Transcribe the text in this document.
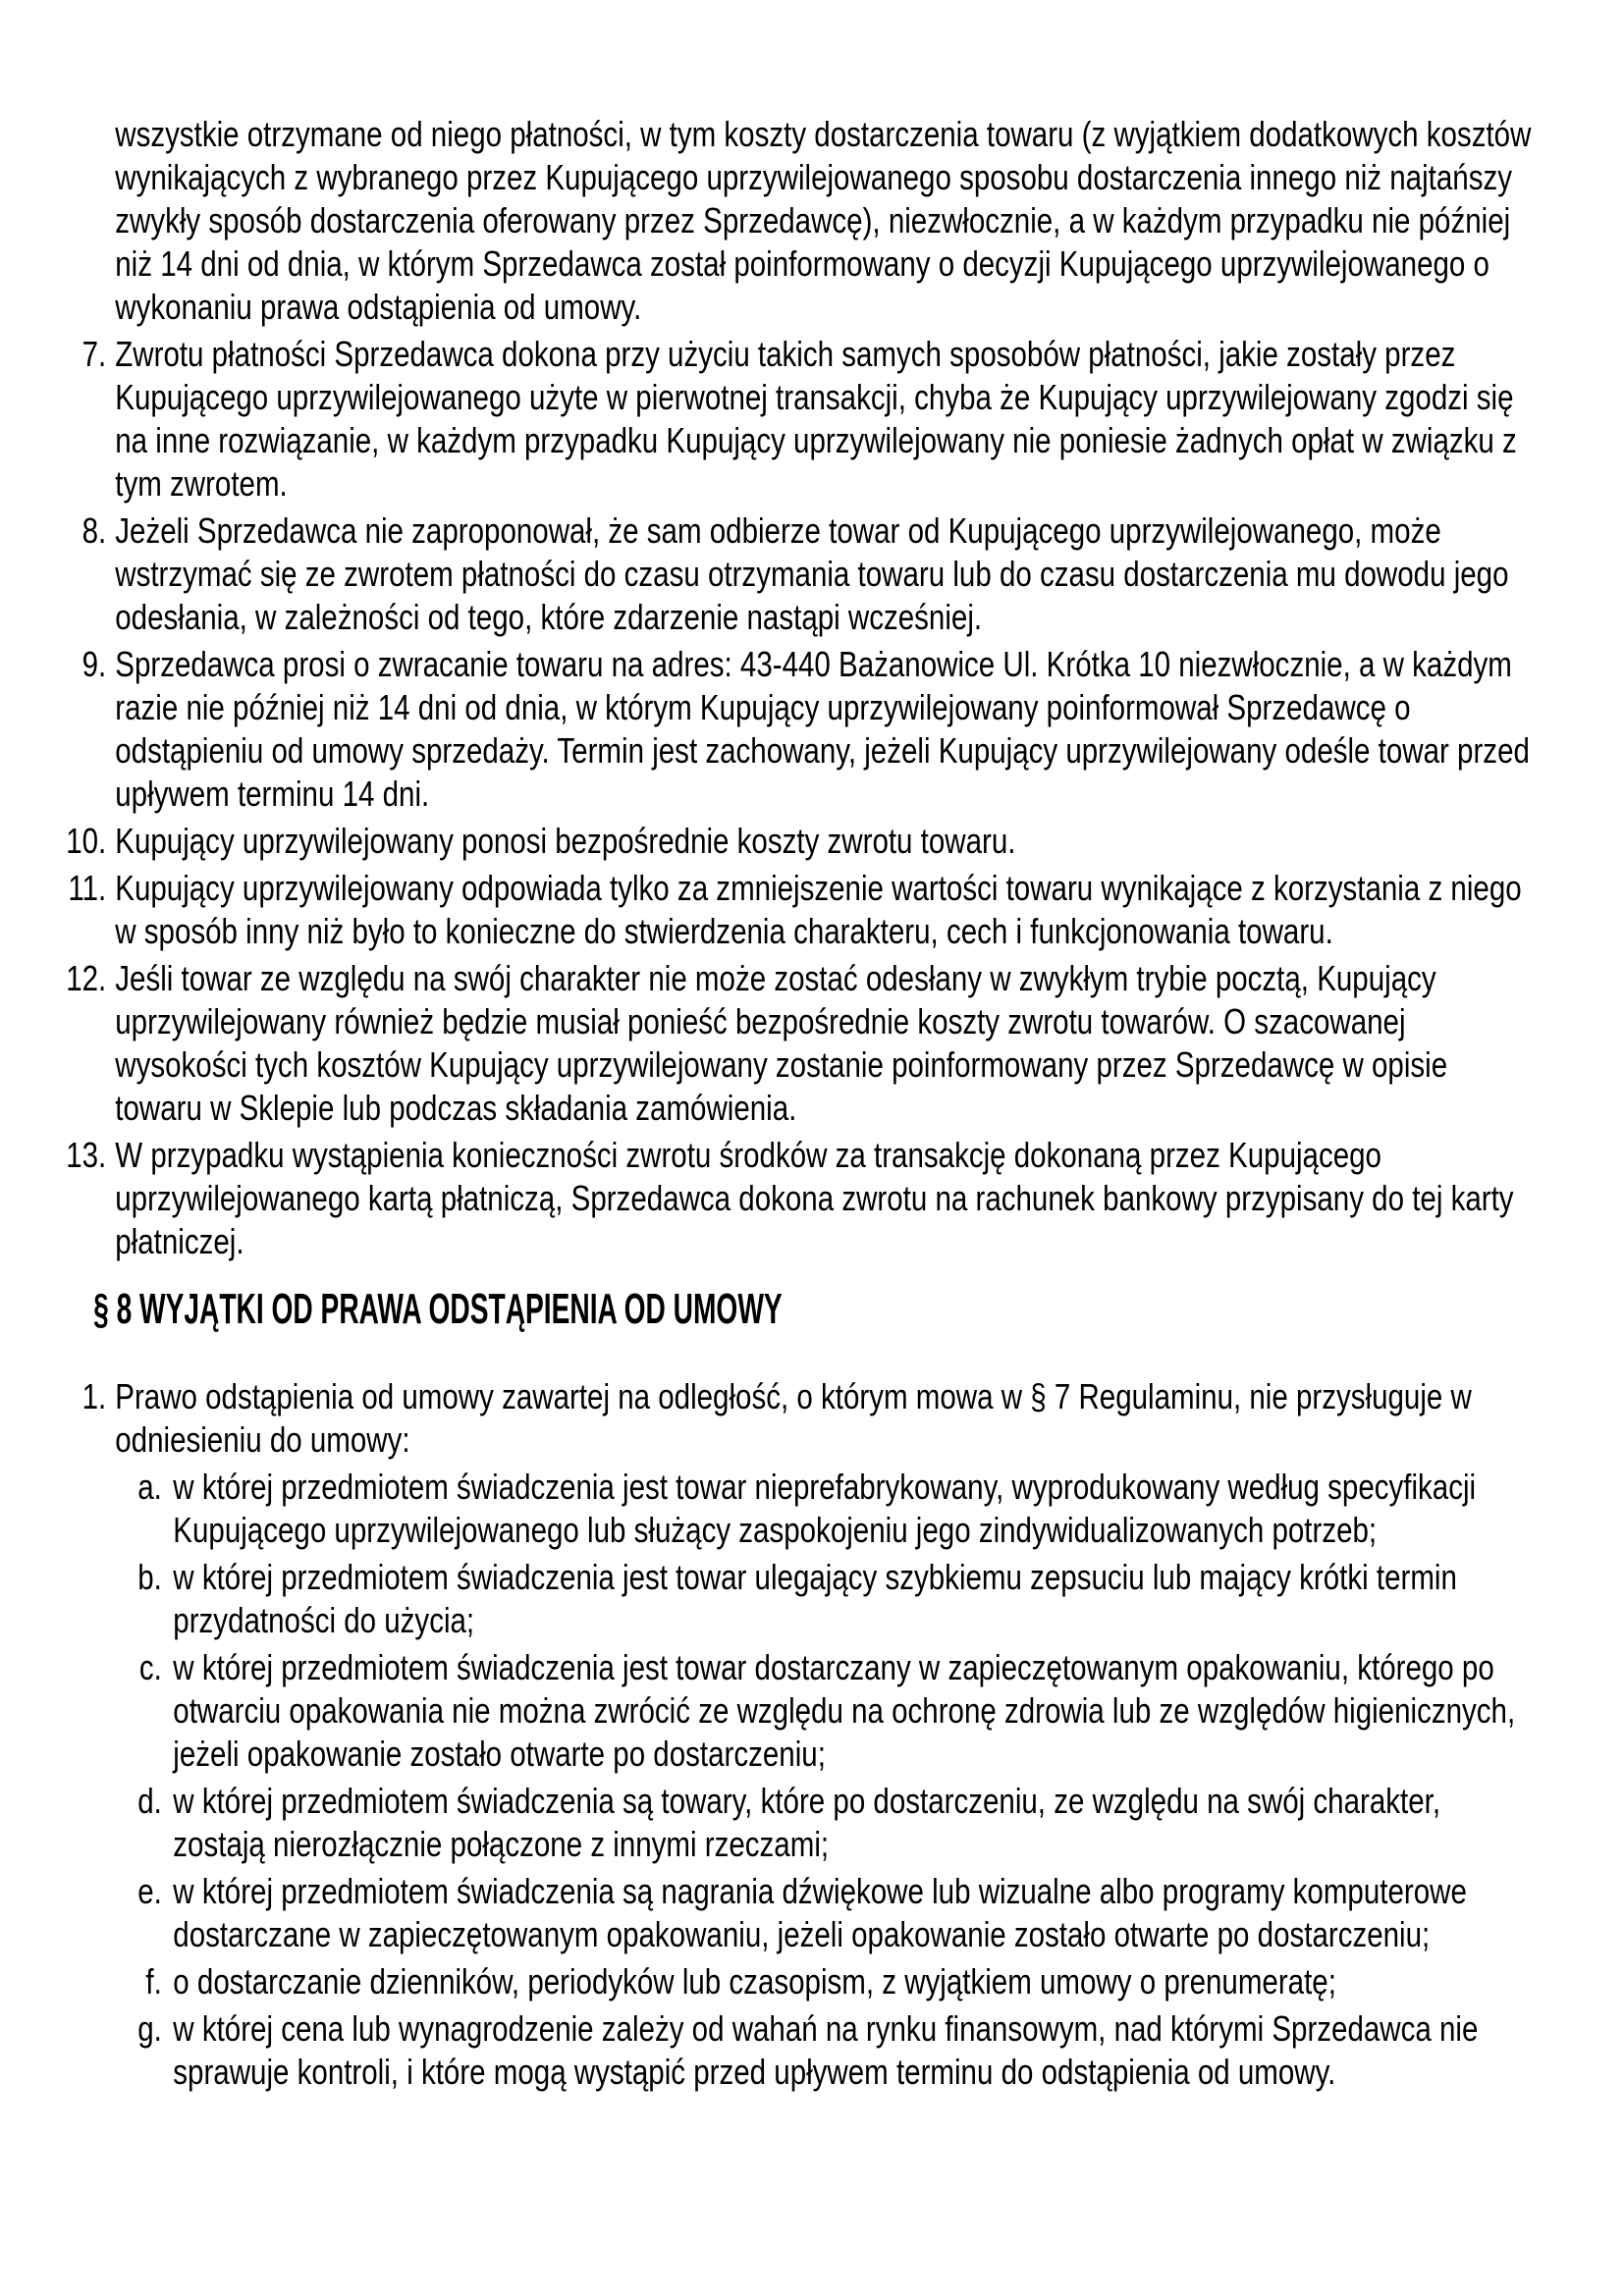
wszystkie otrzymane od niego płatności, w tym koszty dostarczenia towaru (z wyjątkiem dodatkowych kosztów wynikających z wybranego przez Kupującego uprzywilejowanego sposobu dostarczenia innego niż najtańszy zwykły sposób dostarczenia oferowany przez Sprzedawcę), niezwłocznie, a w każdym przypadku nie później niż 14 dni od dnia, w którym Sprzedawca został poinformowany o decyzji Kupującego uprzywilejowanego o wykonaniu prawa odstąpienia od umowy.

7. Zwrotu płatności Sprzedawca dokona przy użyciu takich samych sposobów płatności, jakie zostały przez Kupującego uprzywilejowanego użyte w pierwotnej transakcji, chyba że Kupujący uprzywilejowany zgodzi się na inne rozwiązanie, w każdym przypadku Kupujący uprzywilejowany nie poniesie żadnych opłat w związku z tym zwrotem.
8. Jeżeli Sprzedawca nie zaproponował, że sam odbierze towar od Kupującego uprzywilejowanego, może wstrzymać się ze zwrotem płatności do czasu otrzymania towaru lub do czasu dostarczenia mu dowodu jego odesłania, w zależności od tego, które zdarzenie nastąpi wcześniej.
9. Sprzedawca prosi o zwracanie towaru na adres: 43-440 Bażanowice Ul. Krótka 10 niezwłocznie, a w każdym razie nie później niż 14 dni od dnia, w którym Kupujący uprzywilejowany poinformował Sprzedawcę o odstąpieniu od umowy sprzedaży. Termin jest zachowany, jeżeli Kupujący uprzywilejowany odeśle towar przed upływem terminu 14 dni.
10. Kupujący uprzywilejowany ponosi bezpośrednie koszty zwrotu towaru.
11. Kupujący uprzywilejowany odpowiada tylko za zmniejszenie wartości towaru wynikające z korzystania z niego w sposób inny niż było to konieczne do stwierdzenia charakteru, cech i funkcjonowania towaru.
12. Jeśli towar ze względu na swój charakter nie może zostać odesłany w zwykłym trybie pocztą, Kupujący uprzywilejowany również będzie musiał ponieść bezpośrednie koszty zwrotu towarów. O szacowanej wysokości tych kosztów Kupujący uprzywilejowany zostanie poinformowany przez Sprzedawcę w opisie towaru w Sklepie lub podczas składania zamówienia.
13. W przypadku wystąpienia konieczności zwrotu środków za transakcję dokonaną przez Kupującego uprzywilejowanego kartą płatniczą, Sprzedawca dokona zwrotu na rachunek bankowy przypisany do tej karty płatniczej.
§ 8 WYJĄTKI OD PRAWA ODSTĄPIENIA OD UMOWY
1. Prawo odstąpienia od umowy zawartej na odległość, o którym mowa w § 7 Regulaminu, nie przysługuje w odniesieniu do umowy:
a. w której przedmiotem świadczenia jest towar nieprefabrykowany, wyprodukowany według specyfikacji Kupującego uprzywilejowanego lub służący zaspokojeniu jego zindywidualizowanych potrzeb;
b. w której przedmiotem świadczenia jest towar ulegający szybkiemu zepsuciu lub mający krótki termin przydatności do użycia;
c. w której przedmiotem świadczenia jest towar dostarczany w zapieczętowanym opakowaniu, którego po otwarciu opakowania nie można zwrócić ze względu na ochronę zdrowia lub ze względów higienicznych, jeżeli opakowanie zostało otwarte po dostarczeniu;
d. w której przedmiotem świadczenia są towary, które po dostarczeniu, ze względu na swój charakter, zostają nierozłącznie połączone z innymi rzeczami;
e. w której przedmiotem świadczenia są nagrania dźwiękowe lub wizualne albo programy komputerowe dostarczane w zapieczętowanym opakowaniu, jeżeli opakowanie zostało otwarte po dostarczeniu;
f. o dostarczanie dzienników, periodyków lub czasopism, z wyjątkiem umowy o prenumeratę;
g. w której cena lub wynagrodzenie zależy od wahań na rynku finansowym, nad którymi Sprzedawca nie sprawuje kontroli, i które mogą wystąpić przed upływem terminu do odstąpienia od umowy.
